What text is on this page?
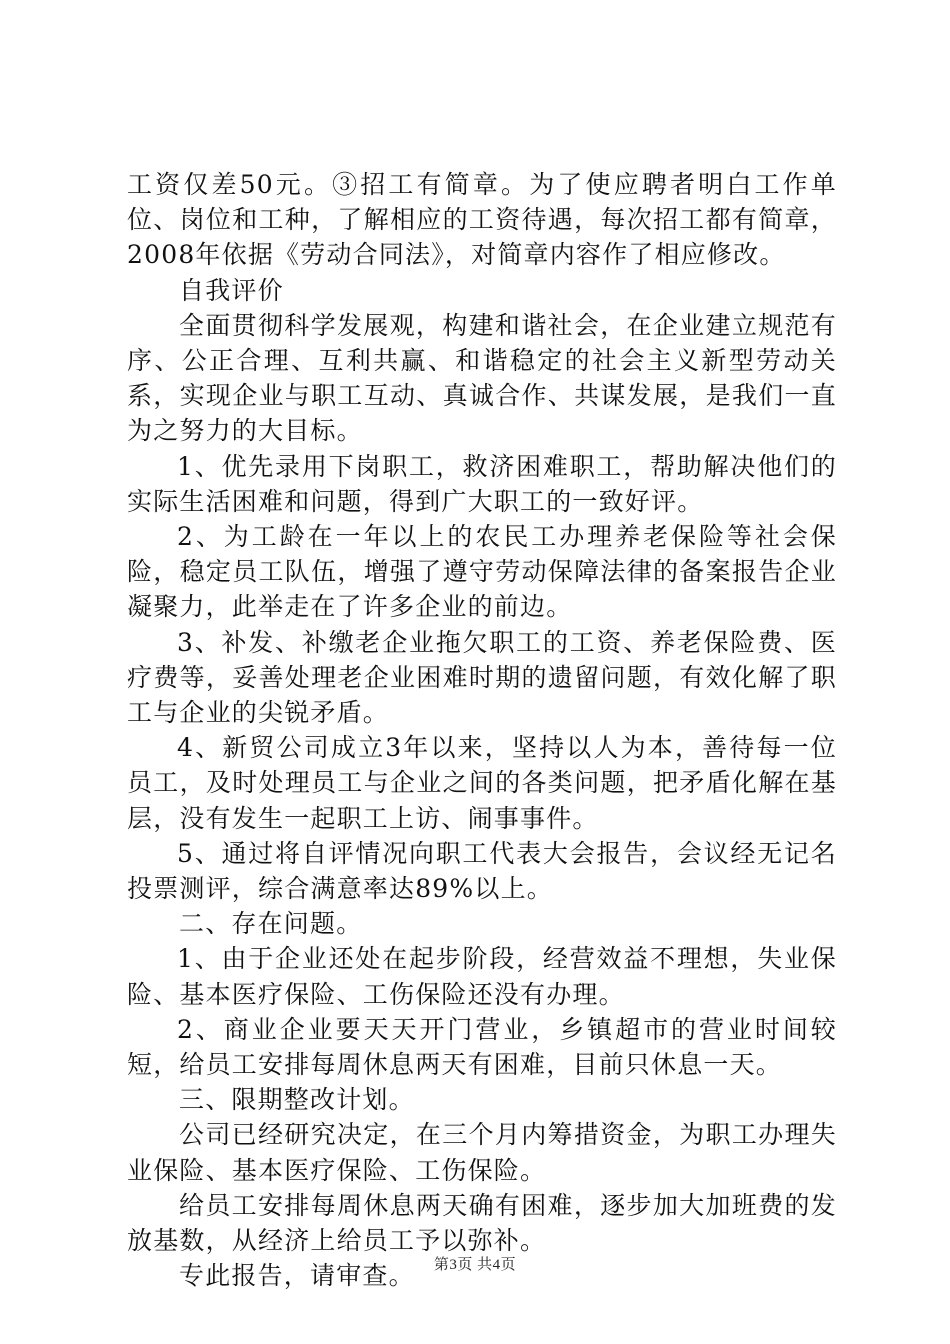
工资仅差50元。③招工有简章。为了使应聘者明白工作单位、岗位和工种，了解相应的工资待遇，每次招工都有简章，2008年依据《劳动合同法》，对简章内容作了相应修改。

自我评价

全面贯彻科学发展观，构建和谐社会，在企业建立规范有序、公正合理、互利共赢、和谐稳定的社会主义新型劳动关系，实现企业与职工互动、真诚合作、共谋发展，是我们一直为之努力的大目标。

1、优先录用下岗职工，救济困难职工，帮助解决他们的实际生活困难和问题，得到广大职工的一致好评。

2、为工龄在一年以上的农民工办理养老保险等社会保险，稳定员工队伍，增强了遵守劳动保障法律的备案报告企业凝聚力，此举走在了许多企业的前边。

3、补发、补缴老企业拖欠职工的工资、养老保险费、医疗费等，妥善处理老企业困难时期的遗留问题，有效化解了职工与企业的尖锐矛盾。

4、新贸公司成立3年以来，坚持以人为本，善待每一位员工，及时处理员工与企业之间的各类问题，把矛盾化解在基层，没有发生一起职工上访、闹事事件。

5、通过将自评情况向职工代表大会报告，会议经无记名投票测评，综合满意率达89%以上。

二、存在问题。

1、由于企业还处在起步阶段，经营效益不理想，失业保险、基本医疗保险、工伤保险还没有办理。

2、商业企业要天天开门营业，乡镇超市的营业时间较短，给员工安排每周休息两天有困难，目前只休息一天。

三、限期整改计划。

公司已经研究决定，在三个月内筹措资金，为职工办理失业保险、基本医疗保险、工伤保险。

给员工安排每周休息两天确有困难，逐步加大加班费的发放基数，从经济上给员工予以弥补。

专此报告，请审查。	第3页 共4页
